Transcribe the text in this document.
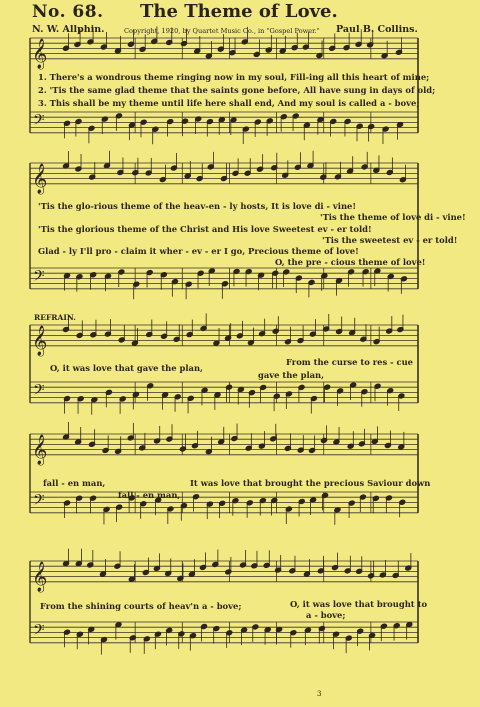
No. 68. The Theme of Love.
N. W. Allphin.	Copyright, 1920, by Quartet Music Co., in "Gospel Power." Paul B. Collins.
𝄞
𝄢
𝄞
𝄢
𝄞
𝄢
𝄞
𝄢
𝄞
𝄢
1. There's a wondrous theme ringing now in my soul, Fill-ing all this heart of mine;
2. 'Tis the same glad theme that the saints gone before, All have sung in days of old;
3. This shall be my theme until life here shall end, And my soul is called a - bove;
'Tis the glo-rious theme of the heav-en - ly hosts, It is love di - vine!
'Tis the theme of love di - vine!
'Tis the glorious theme of the Christ and His love Sweetest ev - er told!
'Tis the sweetest ev - er told!
Glad - ly I'll pro - claim it wher - ev - er I go, Precious theme of love!
O, the pre - cious theme of love!
REFRAIN.
O, it was love that gave the plan,
From the curse to res - cue
gave the plan,
fall - en man,	It was love that brought the precious Saviour down
fall - en man,
From the shining courts of heav'n a - bove;	O, it was love that brought to
a - bove;
3
